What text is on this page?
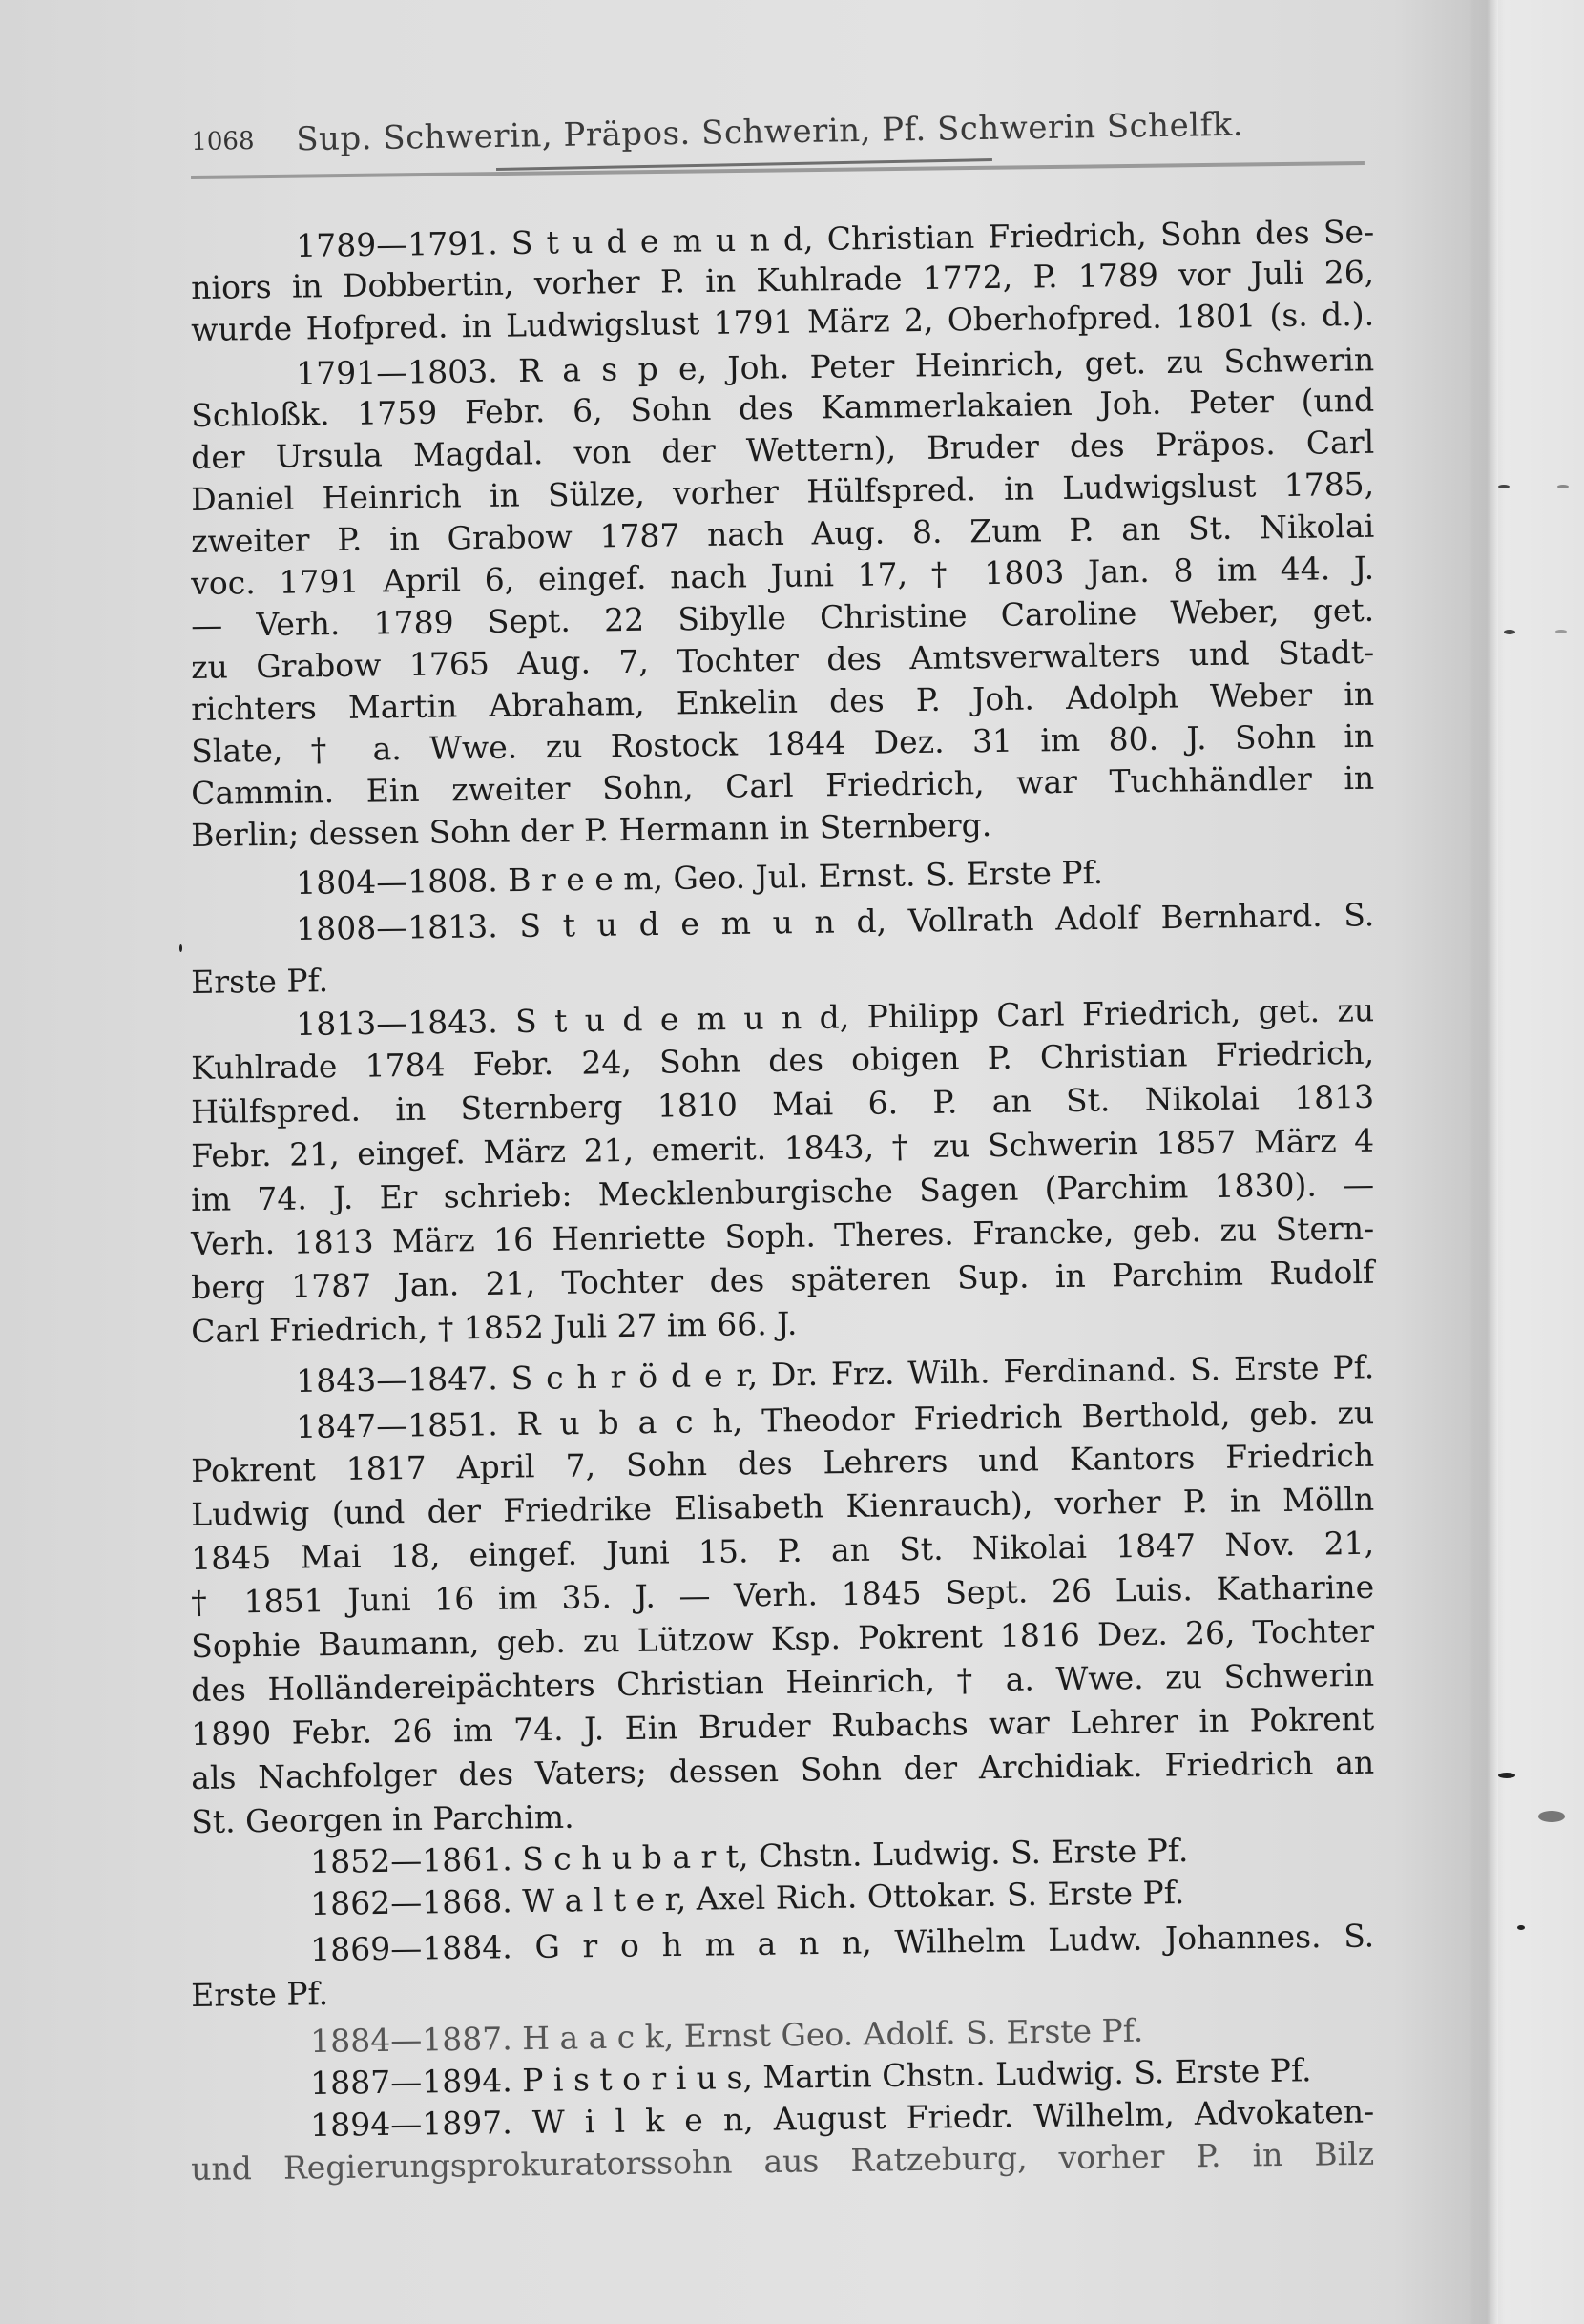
1068 Sup. Schwerin, Präpos. Schwerin, Pf. Schwerin Schelfk.
1789—1791. S t u d e m u n d, Christian Friedrich, Sohn des Se-
niors in Dobbertin, vorher P. in Kuhlrade 1772, P. 1789 vor Juli 26,
wurde Hofpred. in Ludwigslust 1791 März 2, Oberhofpred. 1801 (s. d.).
1791—1803. R a s p e, Joh. Peter Heinrich, get. zu Schwerin
Schloßk. 1759 Febr. 6, Sohn des Kammerlakaien Joh. Peter (und
der Ursula Magdal. von der Wettern), Bruder des Präpos. Carl
Daniel Heinrich in Sülze, vorher Hülfspred. in Ludwigslust 1785,
zweiter P. in Grabow 1787 nach Aug. 8. Zum P. an St. Nikolai
voc. 1791 April 6, eingef. nach Juni 17, † 1803 Jan. 8 im 44. J.
— Verh. 1789 Sept. 22 Sibylle Christine Caroline Weber, get.
zu Grabow 1765 Aug. 7, Tochter des Amtsverwalters und Stadt-
richters Martin Abraham, Enkelin des P. Joh. Adolph Weber in
Slate, † a. Wwe. zu Rostock 1844 Dez. 31 im 80. J. Sohn in
Cammin. Ein zweiter Sohn, Carl Friedrich, war Tuchhändler in
Berlin; dessen Sohn der P. Hermann in Sternberg.
1804—1808. B r e e m, Geo. Jul. Ernst. S. Erste Pf.
1808—1813. S t u d e m u n d, Vollrath Adolf Bernhard. S.
Erste Pf.
1813—1843. S t u d e m u n d, Philipp Carl Friedrich, get. zu
Kuhlrade 1784 Febr. 24, Sohn des obigen P. Christian Friedrich,
Hülfspred. in Sternberg 1810 Mai 6. P. an St. Nikolai 1813
Febr. 21, eingef. März 21, emerit. 1843, † zu Schwerin 1857 März 4
im 74. J. Er schrieb: Mecklenburgische Sagen (Parchim 1830). —
Verh. 1813 März 16 Henriette Soph. Theres. Francke, geb. zu Stern-
berg 1787 Jan. 21, Tochter des späteren Sup. in Parchim Rudolf
Carl Friedrich, † 1852 Juli 27 im 66. J.
1843—1847. S c h r ö d e r, Dr. Frz. Wilh. Ferdinand. S. Erste Pf.
1847—1851. R u b a c h, Theodor Friedrich Berthold, geb. zu
Pokrent 1817 April 7, Sohn des Lehrers und Kantors Friedrich
Ludwig (und der Friedrike Elisabeth Kienrauch), vorher P. in Mölln
1845 Mai 18, eingef. Juni 15. P. an St. Nikolai 1847 Nov. 21,
† 1851 Juni 16 im 35. J. — Verh. 1845 Sept. 26 Luis. Katharine
Sophie Baumann, geb. zu Lützow Ksp. Pokrent 1816 Dez. 26, Tochter
des Holländereipächters Christian Heinrich, † a. Wwe. zu Schwerin
1890 Febr. 26 im 74. J. Ein Bruder Rubachs war Lehrer in Pokrent
als Nachfolger des Vaters; dessen Sohn der Archidiak. Friedrich an
St. Georgen in Parchim.
1852—1861. S c h u b a r t, Chstn. Ludwig. S. Erste Pf.
1862—1868. W a l t e r, Axel Rich. Ottokar. S. Erste Pf.
1869—1884. G r o h m a n n, Wilhelm Ludw. Johannes. S.
Erste Pf.
1884—1887. H a a c k, Ernst Geo. Adolf. S. Erste Pf.
1887—1894. P i s t o r i u s, Martin Chstn. Ludwig. S. Erste Pf.
1894—1897. W i l k e n, August Friedr. Wilhelm, Advokaten-
und Regierungsprokuratorssohn aus Ratzeburg, vorher P. in Bilz
